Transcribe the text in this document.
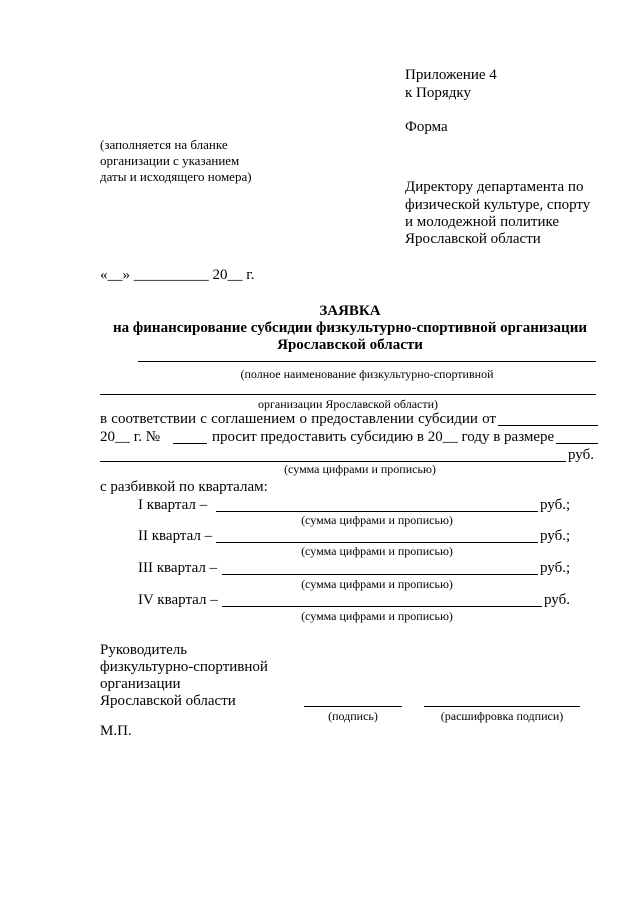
Приложение 4
к Порядку
Форма
(заполняется на бланке
организации с указанием
даты и исходящего номера)
Директору департамента по
физической культуре, спорту
и молодежной политике
Ярославской области
«__» __________ 20__ г.
ЗАЯВКА
на финансирование субсидии физкультурно-спортивной организации
Ярославской области
(полное наименование физкультурно-спортивной
организации Ярославской области)
в соответствии с соглашением о предоставлении субсидии от
20__ г. №	просит предоставить субсидию в 20__ году в размере
руб.
(сумма цифрами и прописью)
с разбивкой по кварталам:
I квартал –	руб.;
(сумма цифрами и прописью)
II квартал –	руб.;
(сумма цифрами и прописью)
III квартал –	руб.;
(сумма цифрами и прописью)
IV квартал –	руб.
(сумма цифрами и прописью)
Руководитель
физкультурно-спортивной
организации
Ярославской области
(подпись)	(расшифровка подписи)
М.П.
